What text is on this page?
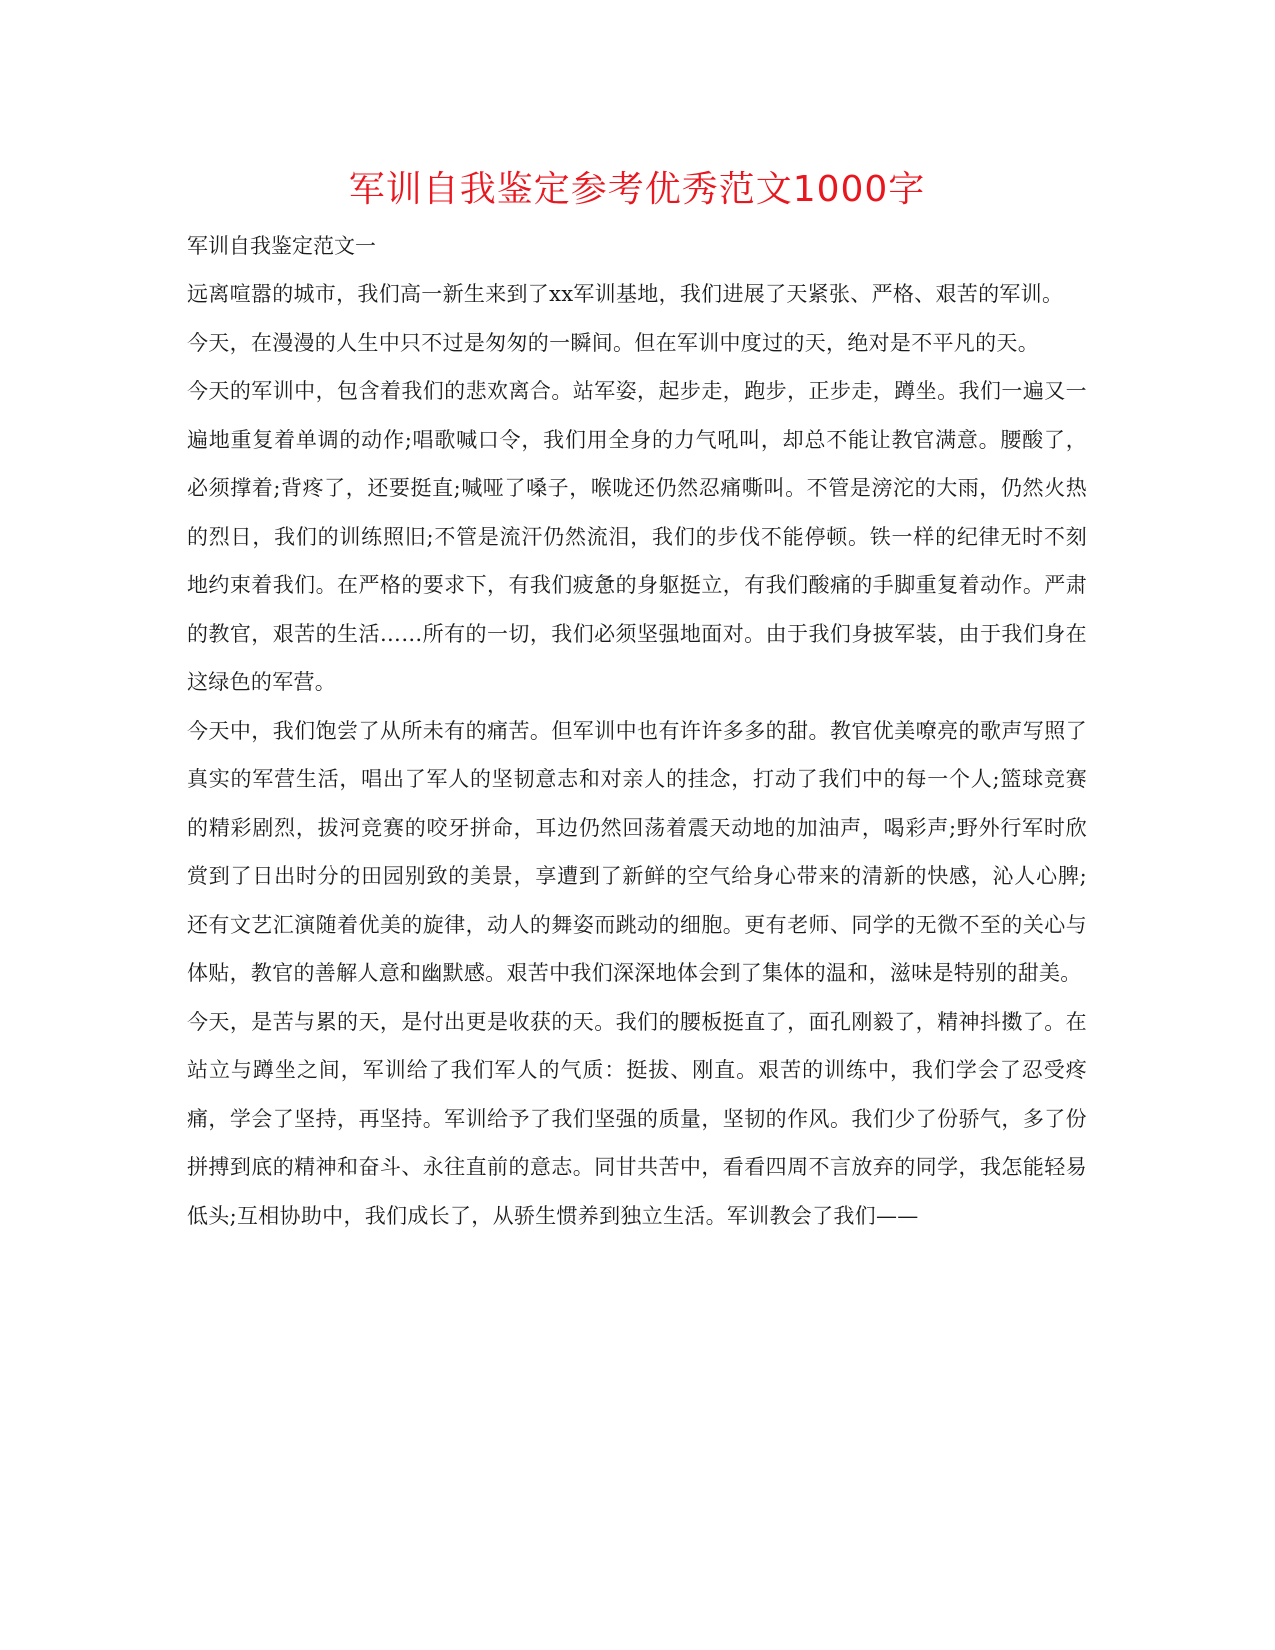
军训自我鉴定参考优秀范文1000字

军训自我鉴定范文一

远离喧嚣的城市，我们高一新生来到了xx军训基地，我们进展了天紧张、严格、艰苦的军训。

今天，在漫漫的人生中只不过是匆匆的一瞬间。但在军训中度过的天，绝对是不平凡的天。

今天的军训中，包含着我们的悲欢离合。站军姿，起步走，跑步，正步走，蹲坐。我们一遍又一遍地重复着单调的动作;唱歌喊口令，我们用全身的力气吼叫，却总不能让教官满意。腰酸了，必须撑着;背疼了，还要挺直;喊哑了嗓子，喉咙还仍然忍痛嘶叫。不管是滂沱的大雨，仍然火热的烈日，我们的训练照旧;不管是流汗仍然流泪，我们的步伐不能停顿。铁一样的纪律无时不刻地约束着我们。在严格的要求下，有我们疲惫的身躯挺立，有我们酸痛的手脚重复着动作。严肃的教官，艰苦的生活……所有的一切，我们必须坚强地面对。由于我们身披军装，由于我们身在这绿色的军营。

今天中，我们饱尝了从所未有的痛苦。但军训中也有许许多多的甜。教官优美嘹亮的歌声写照了真实的军营生活，唱出了军人的坚韧意志和对亲人的挂念，打动了我们中的每一个人;篮球竞赛的精彩剧烈，拔河竞赛的咬牙拼命，耳边仍然回荡着震天动地的加油声，喝彩声;野外行军时欣赏到了日出时分的田园别致的美景，享遭到了新鲜的空气给身心带来的清新的快感，沁人心脾;还有文艺汇演随着优美的旋律，动人的舞姿而跳动的细胞。更有老师、同学的无微不至的关心与体贴，教官的善解人意和幽默感。艰苦中我们深深地体会到了集体的温和，滋味是特别的甜美。

今天，是苦与累的天，是付出更是收获的天。我们的腰板挺直了，面孔刚毅了，精神抖擞了。在站立与蹲坐之间，军训给了我们军人的气质：挺拔、刚直。艰苦的训练中，我们学会了忍受疼痛，学会了坚持，再坚持。军训给予了我们坚强的质量，坚韧的作风。我们少了份骄气，多了份拼搏到底的精神和奋斗、永往直前的意志。同甘共苦中，看看四周不言放弃的同学，我怎能轻易低头;互相协助中，我们成长了，从骄生惯养到独立生活。军训教会了我们——
